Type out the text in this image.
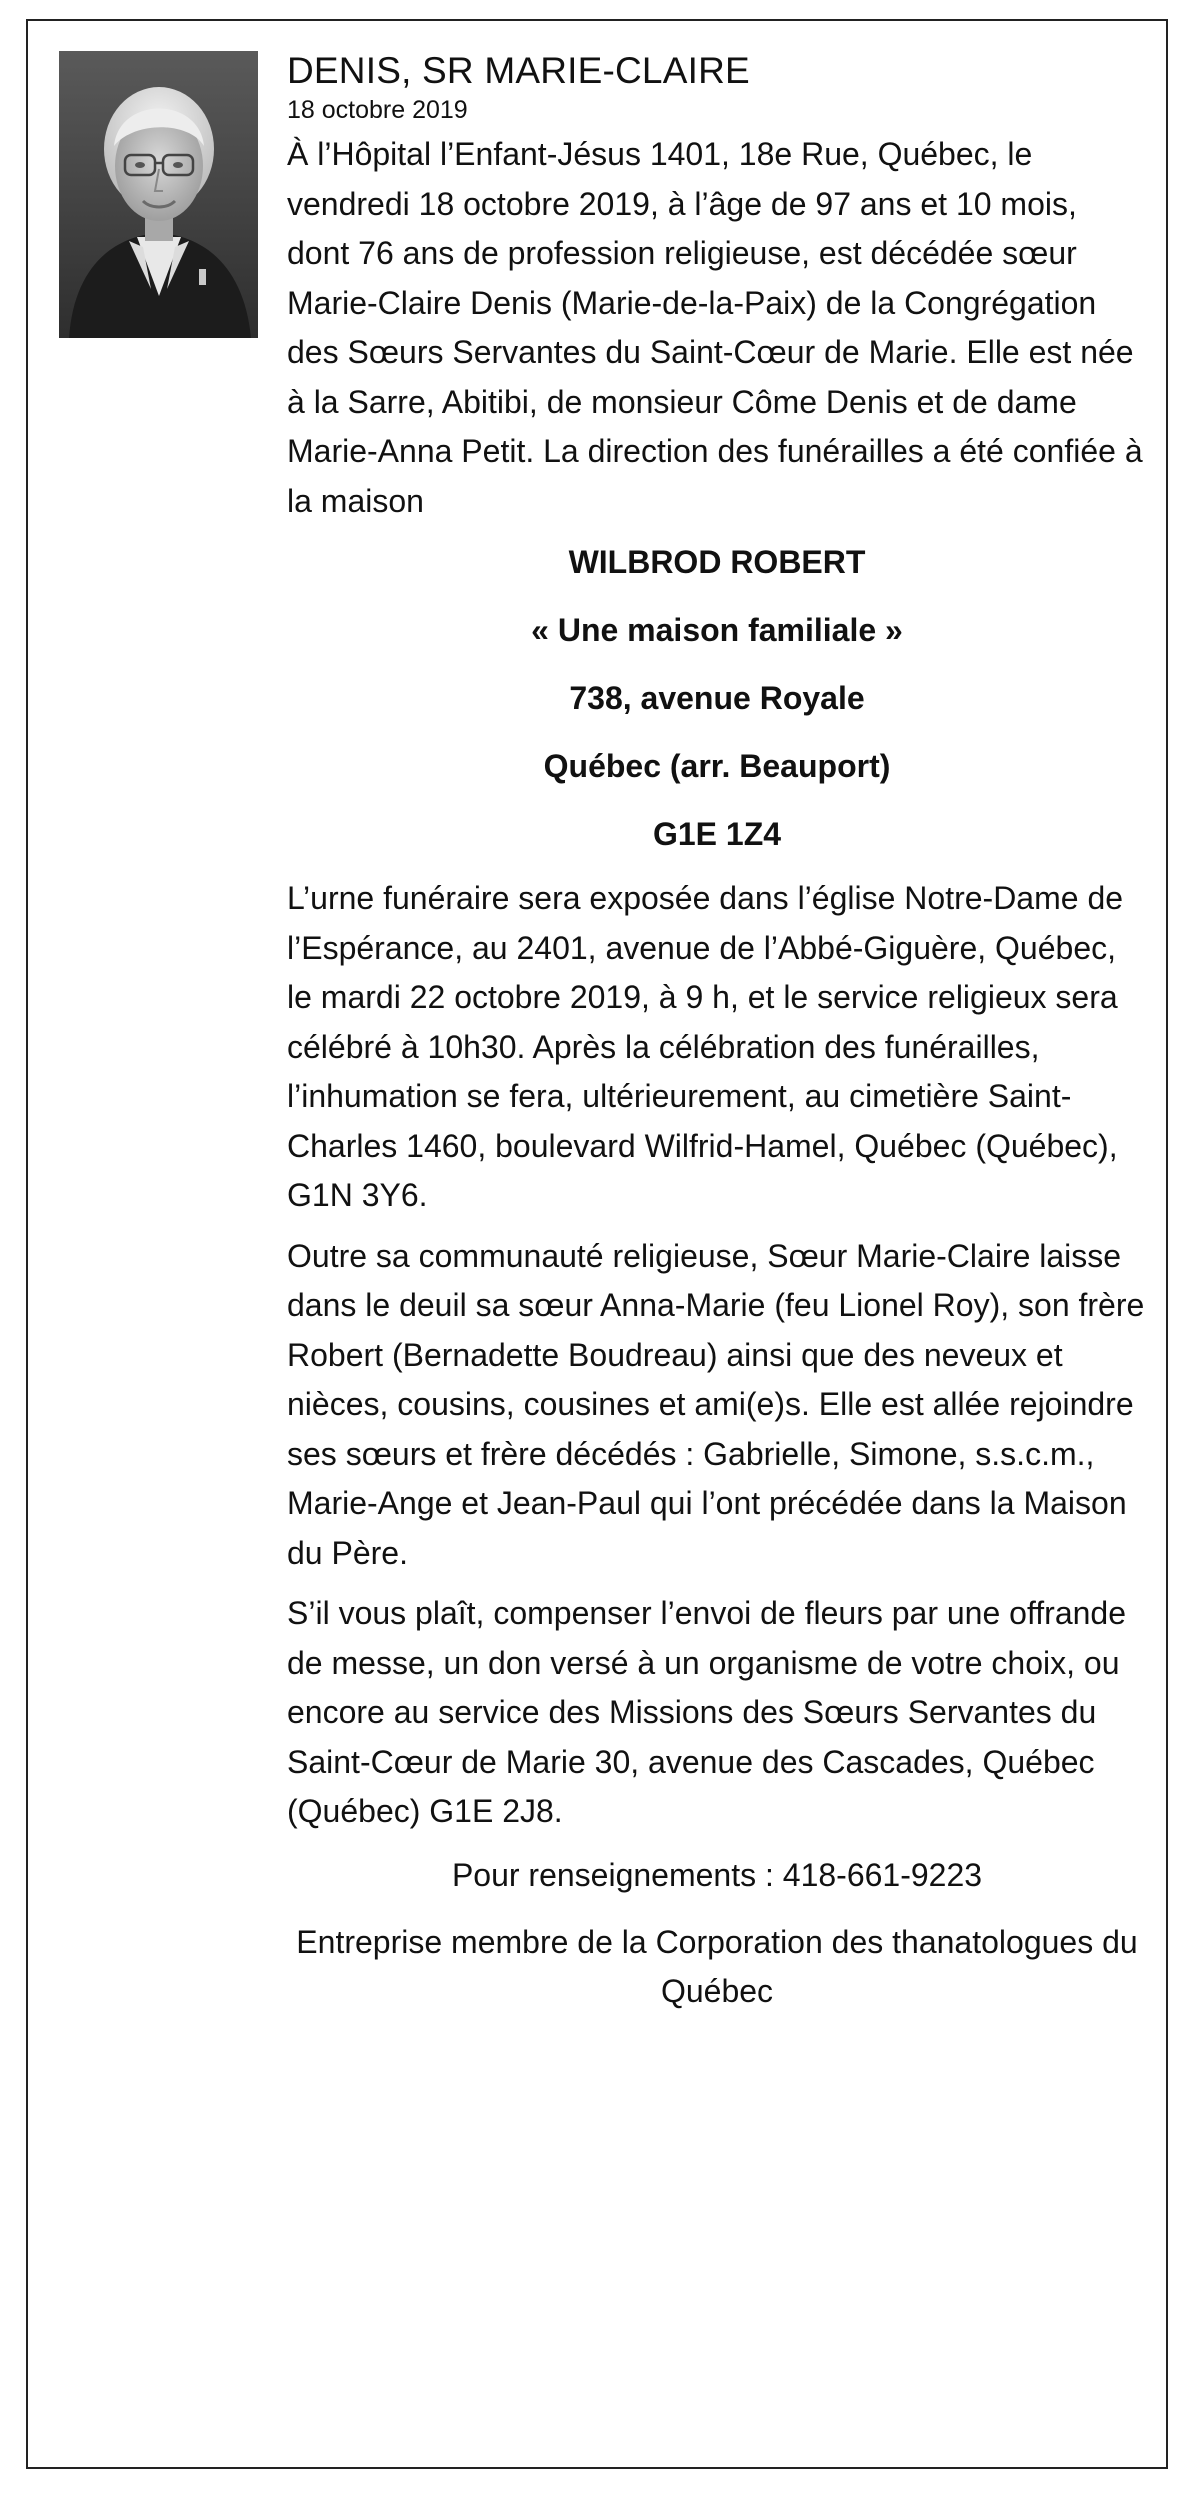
DENIS, SR MARIE-CLAIRE

18 octobre 2019

À l’Hôpital l’Enfant-Jésus 1401, 18e Rue, Québec, le vendredi 18 octobre 2019, à l’âge de 97 ans et 10 mois, dont 76 ans de profession religieuse, est décédée sœur Marie-Claire Denis (Marie-de-la-Paix) de la Congrégation des Sœurs Servantes du Saint-Cœur de Marie. Elle est née à la Sarre, Abitibi, de monsieur Côme Denis et de dame Marie-Anna Petit. La direction des funérailles a été confiée à la maison

WILBROD ROBERT

« Une maison familiale »

738, avenue Royale

Québec (arr. Beauport)

G1E 1Z4

L’urne funéraire sera exposée dans l’église Notre-Dame de l’Espérance, au 2401, avenue de l’Abbé-Giguère, Québec, le mardi 22 octobre 2019, à 9 h, et le service religieux sera célébré à 10h30. Après la célébration des funérailles, l’inhumation se fera, ultérieurement, au cimetière Saint-Charles 1460, boulevard Wilfrid-Hamel, Québec (Québec), G1N 3Y6.

Outre sa communauté religieuse, Sœur Marie-Claire laisse dans le deuil sa sœur Anna-Marie (feu Lionel Roy), son frère Robert (Bernadette Boudreau) ainsi que des neveux et nièces, cousins, cousines et ami(e)s. Elle est allée rejoindre ses sœurs et frère décédés : Gabrielle, Simone, s.s.c.m., Marie-Ange et Jean-Paul qui l’ont précédée dans la Maison du Père.

S’il vous plaît, compenser l’envoi de fleurs par une offrande de messe, un don versé à un organisme de votre choix, ou encore au service des Missions des Sœurs Servantes du Saint-Cœur de Marie 30, avenue des Cascades, Québec (Québec) G1E 2J8.

Pour renseignements : 418-661-9223

Entreprise membre de la Corporation des thanatologues du Québec
